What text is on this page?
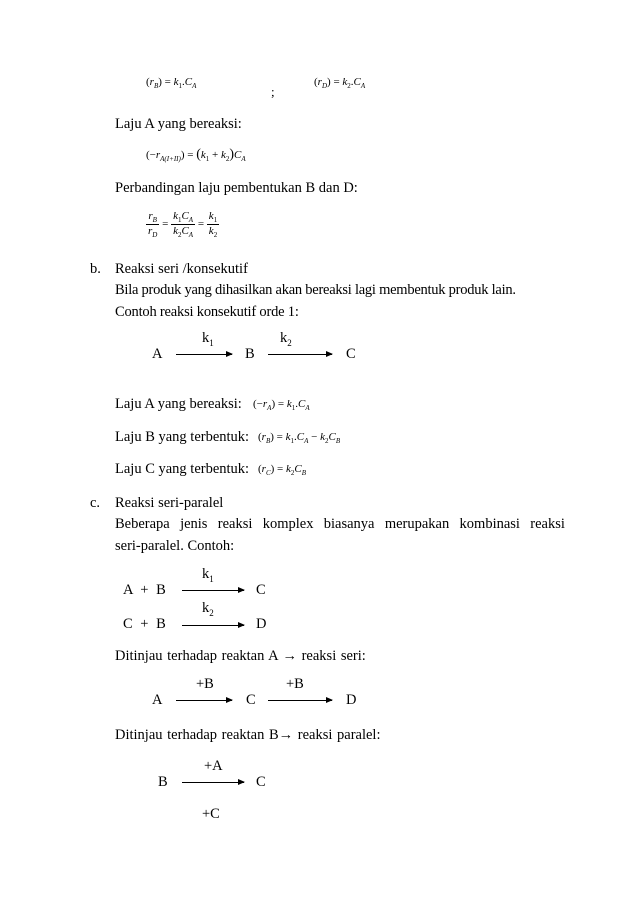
$(r_B) = k_1.C_A$	;
$(r_D) = k_2.C_A$
Laju A yang bereaksi:
$(-r_{A(I+II)}) = (k_1 + k_2)C_A$
Perbandingan laju pembentukan B dan D:
$\frac{r_B}{r_D} = \frac{k_1C_A}{k_2C_A} = \frac{k_1}{k_2}$
b. Reaksi seri /konsekutif
Bila produk yang dihasilkan akan bereaksi lagi membentuk produk lain.
Contoh reaksi konsekutif orde 1:
$k_1$	$k_2$
A	B	C
Laju A yang bereaksi: $(-r_A) = k_1.C_A$
Laju B yang terbentuk: $(r_B) = k_1.C_A - k_2C_B$
Laju C yang terbentuk: $(r_C) = k_2C_B$
c. Reaksi seri-paralel
Beberapa jenis reaksi komplex biasanya merupakan kombinasi reaksi
seri-paralel. Contoh:
$k_1$
A + B	C
$k_2$
C + B	D
Ditinjau terhadap reaktan A → reaksi seri:
+B	+B
A	C	D
Ditinjau terhadap reaktan B→ reaksi paralel:
+A
B	C
+C
